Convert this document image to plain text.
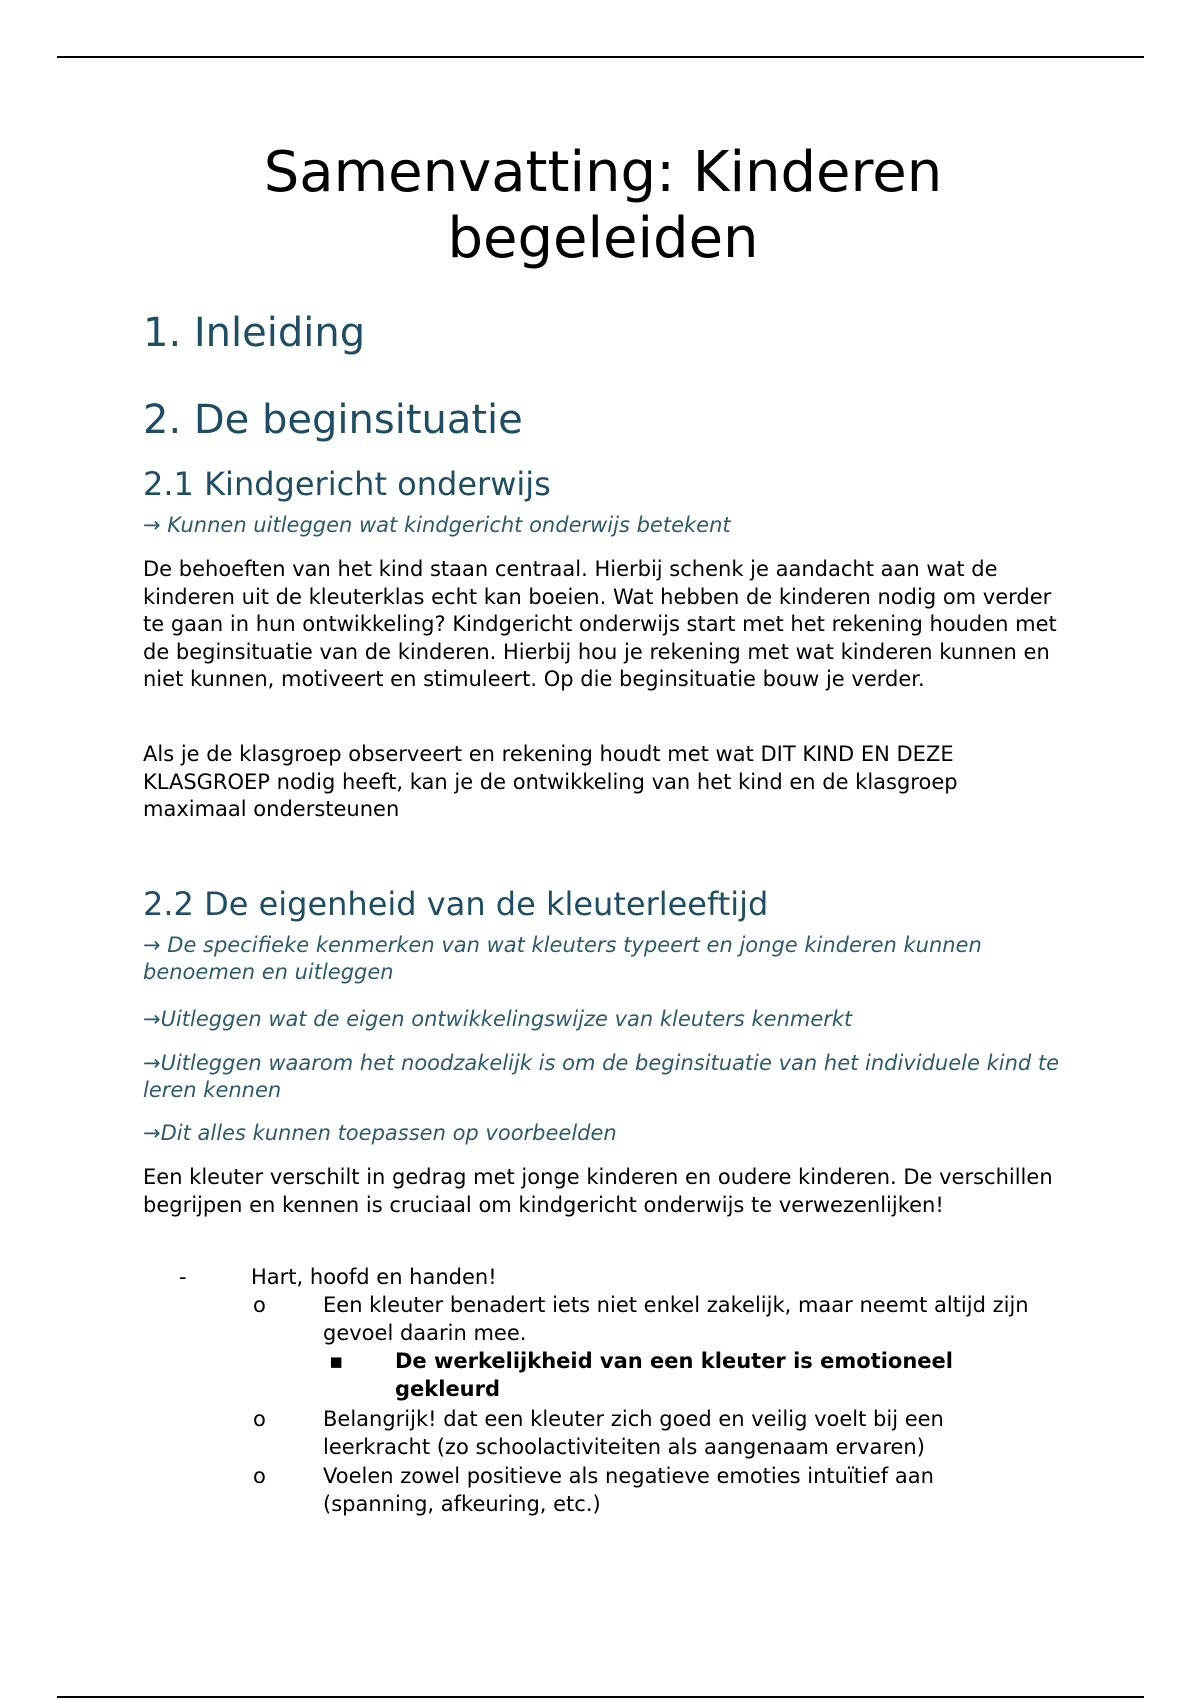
Samenvatting: Kinderen begeleiden
1. Inleiding
2. De beginsituatie
2.1 Kindgericht onderwijs

→ Kunnen uitleggen wat kindgericht onderwijs betekent

De behoeften van het kind staan centraal. Hierbij schenk je aandacht aan wat de kinderen uit de kleuterklas echt kan boeien. Wat hebben de kinderen nodig om verder te gaan in hun ontwikkeling? Kindgericht onderwijs start met het rekening houden met de beginsituatie van de kinderen. Hierbij hou je rekening met wat kinderen kunnen en niet kunnen, motiveert en stimuleert. Op die beginsituatie bouw je verder.

Als je de klasgroep observeert en rekening houdt met wat DIT KIND EN DEZE KLASGROEP nodig heeft, kan je de ontwikkeling van het kind en de klasgroep maximaal ondersteunen

2.2 De eigenheid van de kleuterleeftijd

→ De specifieke kenmerken van wat kleuters typeert en jonge kinderen kunnen benoemen en uitleggen

→Uitleggen wat de eigen ontwikkelingswijze van kleuters kenmerkt

→Uitleggen waarom het noodzakelijk is om de beginsituatie van het individuele kind te leren kennen

→Dit alles kunnen toepassen op voorbeelden

Een kleuter verschilt in gedrag met jonge kinderen en oudere kinderen. De verschillen begrijpen en kennen is cruciaal om kindgericht onderwijs te verwezenlijken!

-	Hart, hoofd en handen!
o	Een kleuter benadert iets niet enkel zakelijk, maar neemt altijd zijn gevoel daarin mee.
▪ De werkelijkheid van een kleuter is emotioneel gekleurd
o	Belangrijk! dat een kleuter zich goed en veilig voelt bij een leerkracht (zo schoolactiviteiten als aangenaam ervaren)
o	Voelen zowel positieve als negatieve emoties intuïtief aan (spanning, afkeuring, etc.)
